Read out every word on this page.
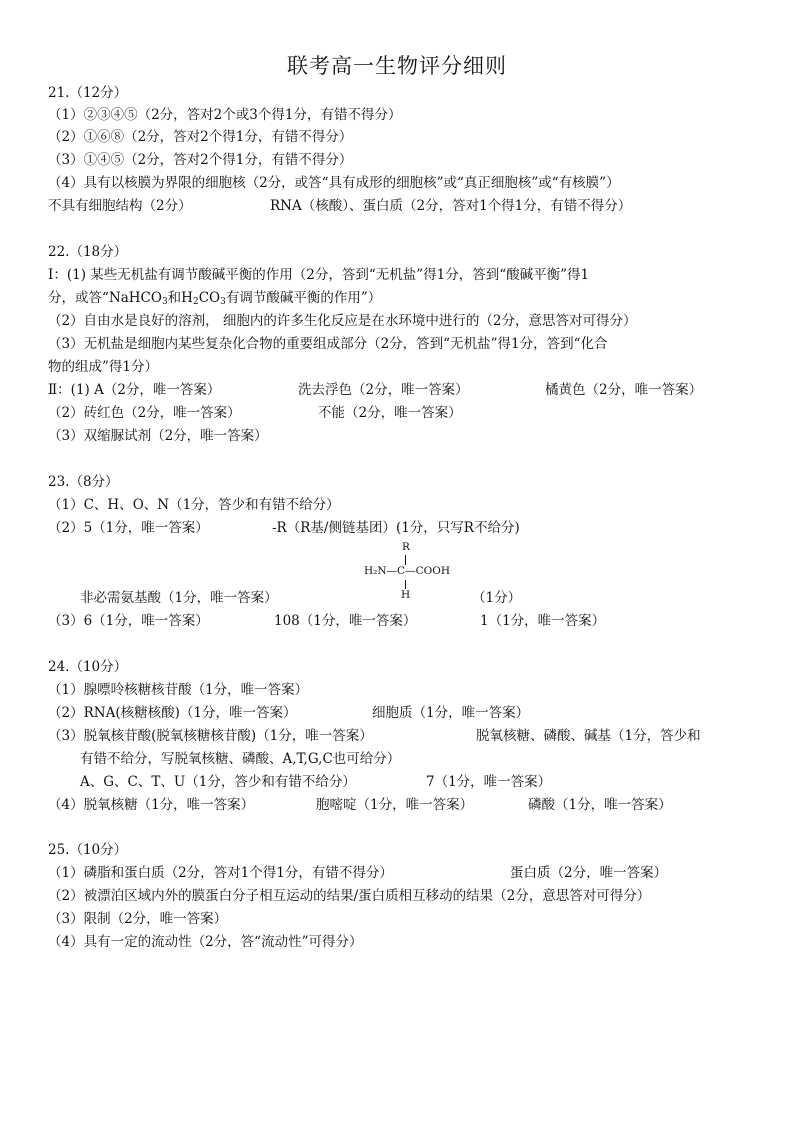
联考高一生物评分细则
21.（12分）
（1）②③④⑤（2分，答对2个或3个得1分，有错不得分）
（2）①⑥⑧（2分，答对2个得1分，有错不得分）
（3）①④⑤（2分，答对2个得1分，有错不得分）
（4）具有以核膜为界限的细胞核（2分，或答“具有成形的细胞核”或“真正细胞核”或“有核膜”）
不具有细胞结构（2分）	RNA（核酸）、蛋白质（2分，答对1个得1分，有错不得分）
22.（18分）
Ⅰ：(1) 某些无机盐有调节酸碱平衡的作用（2分，答到“无机盐”得1分，答到“酸碱平衡”得1
分，或答“NaHCO$_3$和$H_2CO_3$有调节酸碱平衡的作用”）
（2）自由水是良好的溶剂， 细胞内的许多生化反应是在水环境中进行的（2分，意思答对可得分）
（3）无机盐是细胞内某些复杂化合物的重要组成部分（2分，答到“无机盐”得1分，答到“化合
物的组成”得1分）
Ⅱ：(1) A（2分，唯一答案）	洗去浮色（2分，唯一答案）	橘黄色（2分，唯一答案）
（2）砖红色（2分，唯一答案）	不能（2分，唯一答案）
（3）双缩脲试剂（2分，唯一答案）
23.（8分）
（1）C、H、O、N（1分，答少和有错不给分）
（2）5（1分，唯一答案）	-R（R基/侧链基团）(1分，只写R不给分)
R
H₂N—C—COOH
H
非必需氨基酸（1分，唯一答案）	（1分）
（3）6（1分，唯一答案）	108（1分，唯一答案）	1（1分，唯一答案）
24.（10分）
（1）腺嘌呤核糖核苷酸（1分，唯一答案）
（2）RNA(核糖核酸)（1分，唯一答案）	细胞质（1分，唯一答案）
（3）脱氧核苷酸(脱氧核糖核苷酸)（1分，唯一答案）	脱氧核糖、磷酸、碱基（1分，答少和
有错不给分，写脱氧核糖、磷酸、A,T,G,C也可给分）
A、G、C、T、U（1分，答少和有错不给分）	7（1分，唯一答案）
（4）脱氧核糖（1分，唯一答案）	胞嘧啶（1分，唯一答案）	磷酸（1分，唯一答案）
25.（10分）
（1）磷脂和蛋白质（2分，答对1个得1分，有错不得分）	蛋白质（2分，唯一答案）
（2）被漂泊区域内外的膜蛋白分子相互运动的结果/蛋白质相互移动的结果（2分，意思答对可得分）
（3）限制（2分，唯一答案）
（4）具有一定的流动性（2分，答“流动性”可得分）
